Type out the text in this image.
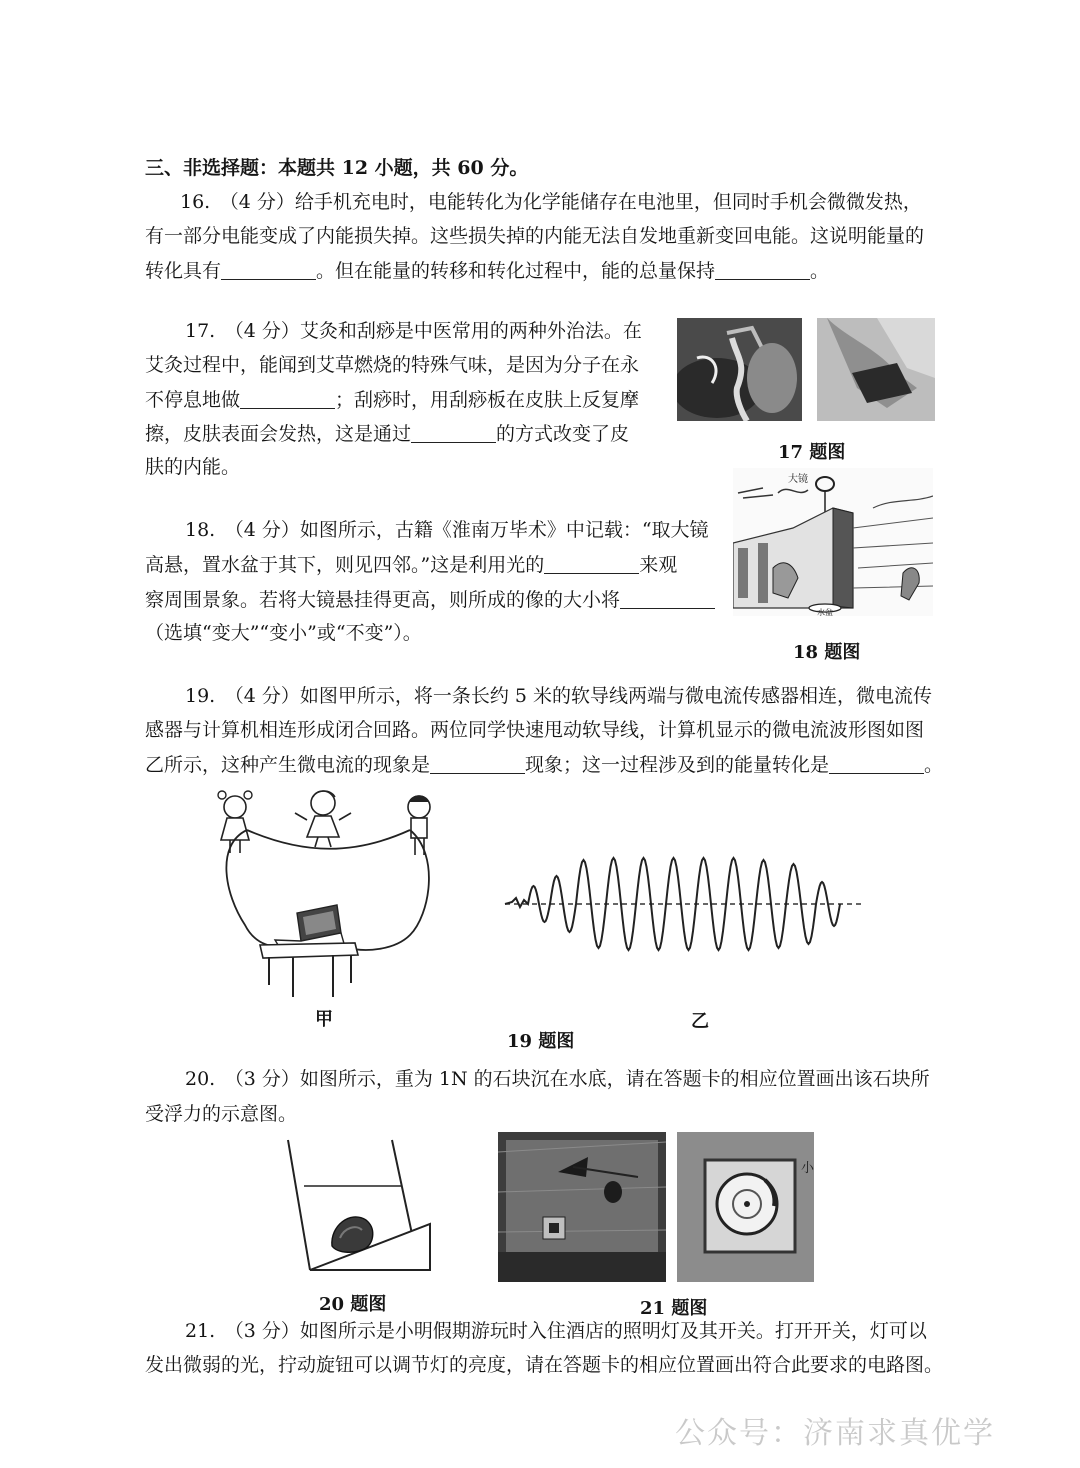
三、非选择题：本题共 12 小题，共 60 分。
16.　（4 分）给手机充电时，电能转化为化学能储存在电池里，但同时手机会微微发热，
有一部分电能变成了内能损失掉。这些损失掉的内能无法自发地重新变回电能。这说明能量的
转化具有	。但在能量的转移和转化过程中，能的总量保持	。
17.　（4 分）艾灸和刮痧是中医常用的两种外治法。在
艾灸过程中，能闻到艾草燃烧的特殊气味，是因为分子在永
不停息地做	；刮痧时，用刮痧板在皮肤上反复摩
擦，皮肤表面会发热，这是通过	的方式改变了皮
肤的内能。
17 题图
18.　（4 分）如图所示，古籍《淮南万毕术》中记载：“取大镜
高悬，置水盆于其下，则见四邻。”这是利用光的	来观
察周围景象。若将大镜悬挂得更高，则所成的像的大小将
（选填“变大”“变小”或“不变”）。
大镜
水盆
18 题图
19.　（4 分）如图甲所示，将一条长约 5 米的软导线两端与微电流传感器相连，微电流传
感器与计算机相连形成闭合回路。两位同学快速甩动软导线，计算机显示的微电流波形图如图
乙所示，这种产生微电流的现象是	现象；这一过程涉及到的能量转化是	。
甲	乙
19 题图
20.　（3 分）如图所示，重为 1N 的石块沉在水底，请在答题卡的相应位置画出该石块所
受浮力的示意图。
20 题图
小
21 题图
21.　（3 分）如图所示是小明假期游玩时入住酒店的照明灯及其开关。打开开关，灯可以
发出微弱的光，拧动旋钮可以调节灯的亮度，请在答题卡的相应位置画出符合此要求的电路图。
公众号：济南求真优学
